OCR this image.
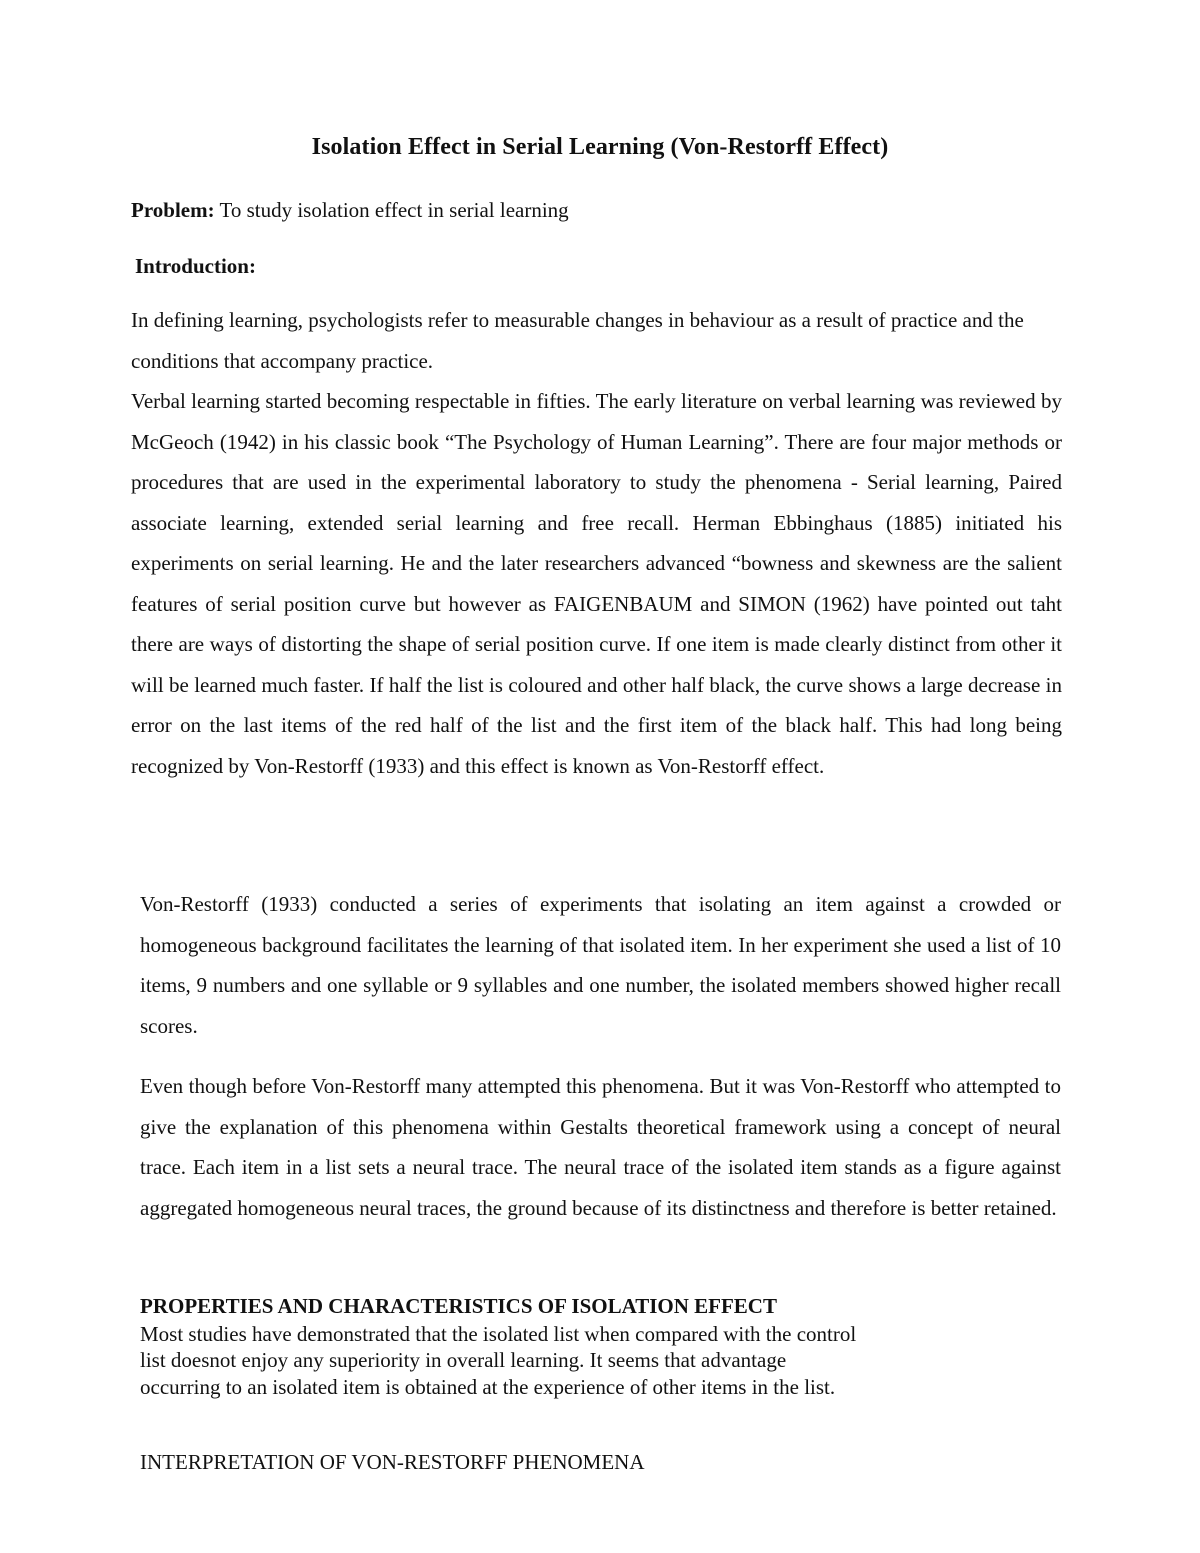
Isolation Effect in Serial Learning (Von-Restorff Effect)

Problem: To study isolation effect in serial learning

Introduction:

In defining learning, psychologists refer to measurable changes in behaviour as a result of practice and the conditions that accompany practice.

Verbal learning started becoming respectable in fifties. The early literature on verbal learning was reviewed by McGeoch (1942) in his classic book “The Psychology of Human Learning”. There are four major methods or procedures that are used in the experimental laboratory to study the phenomena - Serial learning, Paired associate learning, extended serial learning and free recall. Herman Ebbinghaus (1885) initiated his experiments on serial learning. He and the later researchers advanced “bowness and skewness are the salient features of serial position curve but however as FAIGENBAUM and SIMON (1962) have pointed out taht there are ways of distorting the shape of serial position curve. If one item is made clearly distinct from other it will be learned much faster. If half the list is coloured and other half black, the curve shows a large decrease in error on the last items of the red half of the list and the first item of the black half. This had long being recognized by Von-Restorff (1933) and this effect is known as Von-Restorff effect.

Von-Restorff (1933) conducted a series of experiments that isolating an item against a crowded or homogeneous background facilitates the learning of that isolated item. In her experiment she used a list of 10 items, 9 numbers and one syllable or 9 syllables and one number, the isolated members showed higher recall scores.

Even though before Von-Restorff many attempted this phenomena. But it was Von-Restorff who attempted to give the explanation of this phenomena within Gestalts theoretical framework using a concept of neural trace. Each item in a list sets a neural trace. The neural trace of the isolated item stands as a figure against aggregated homogeneous neural traces, the ground because of its distinctness and therefore is better retained.

PROPERTIES AND CHARACTERISTICS OF ISOLATION EFFECT

Most studies have demonstrated that the isolated list when compared with the control list doesnot enjoy any superiority in overall learning. It seems that advantage occurring to an isolated item is obtained at the experience of other items in the list.

INTERPRETATION OF VON-RESTORFF PHENOMENA
